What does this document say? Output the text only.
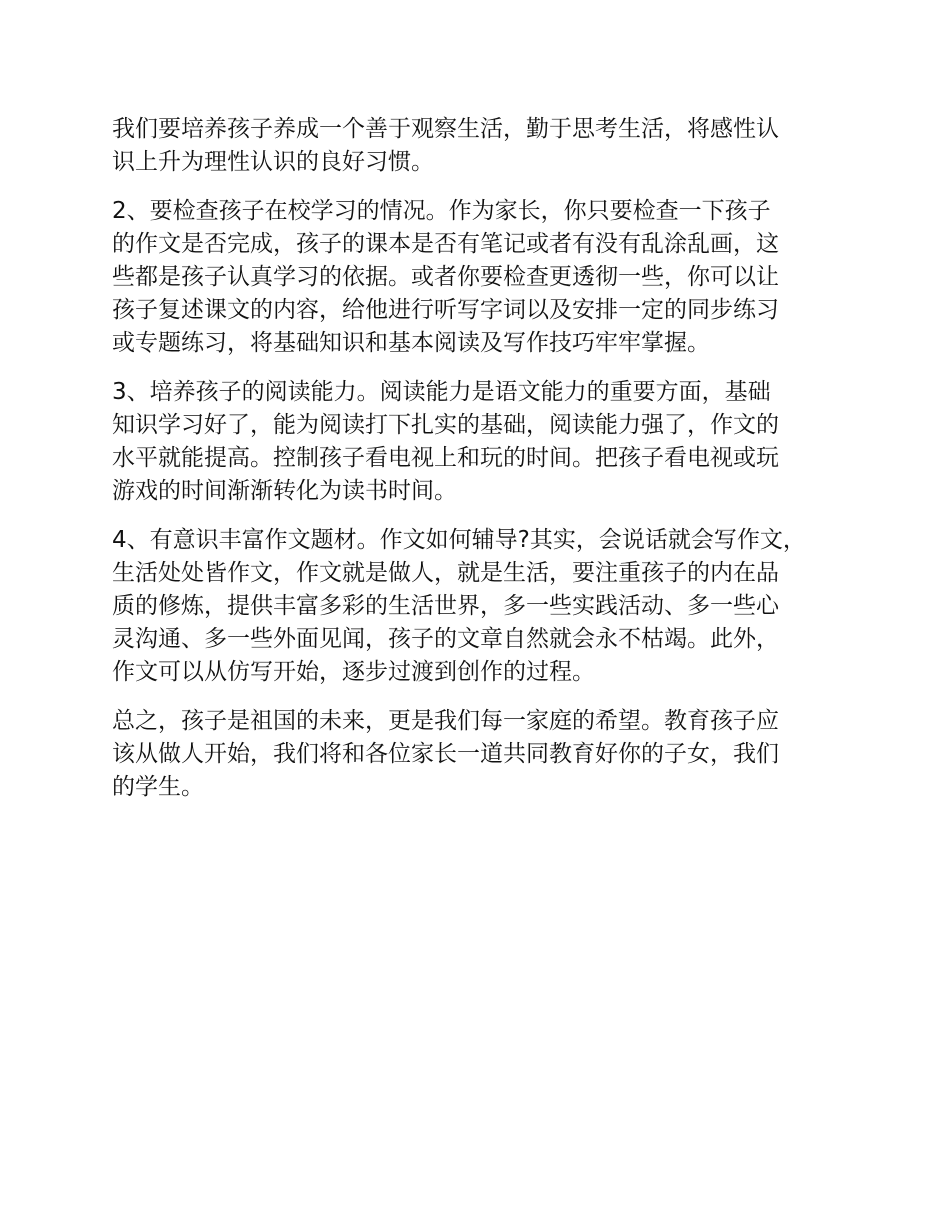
我们要培养孩子养成一个善于观察生活，勤于思考生活，将感性认
识上升为理性认识的良好习惯。

2、要检查孩子在校学习的情况。作为家长，你只要检查一下孩子
的作文是否完成，孩子的课本是否有笔记或者有没有乱涂乱画，这
些都是孩子认真学习的依据。或者你要检查更透彻一些，你可以让
孩子复述课文的内容，给他进行听写字词以及安排一定的同步练习
或专题练习，将基础知识和基本阅读及写作技巧牢牢掌握。

3、培养孩子的阅读能力。阅读能力是语文能力的重要方面，基础
知识学习好了，能为阅读打下扎实的基础，阅读能力强了，作文的
水平就能提高。控制孩子看电视上和玩的时间。把孩子看电视或玩
游戏的时间渐渐转化为读书时间。

4、有意识丰富作文题材。作文如何辅导?其实，会说话就会写作文，
生活处处皆作文，作文就是做人，就是生活，要注重孩子的内在品
质的修炼，提供丰富多彩的生活世界，多一些实践活动、多一些心
灵沟通、多一些外面见闻，孩子的文章自然就会永不枯竭。此外，
作文可以从仿写开始，逐步过渡到创作的过程。

总之，孩子是祖国的未来，更是我们每一家庭的希望。教育孩子应
该从做人开始，我们将和各位家长一道共同教育好你的子女，我们
的学生。
